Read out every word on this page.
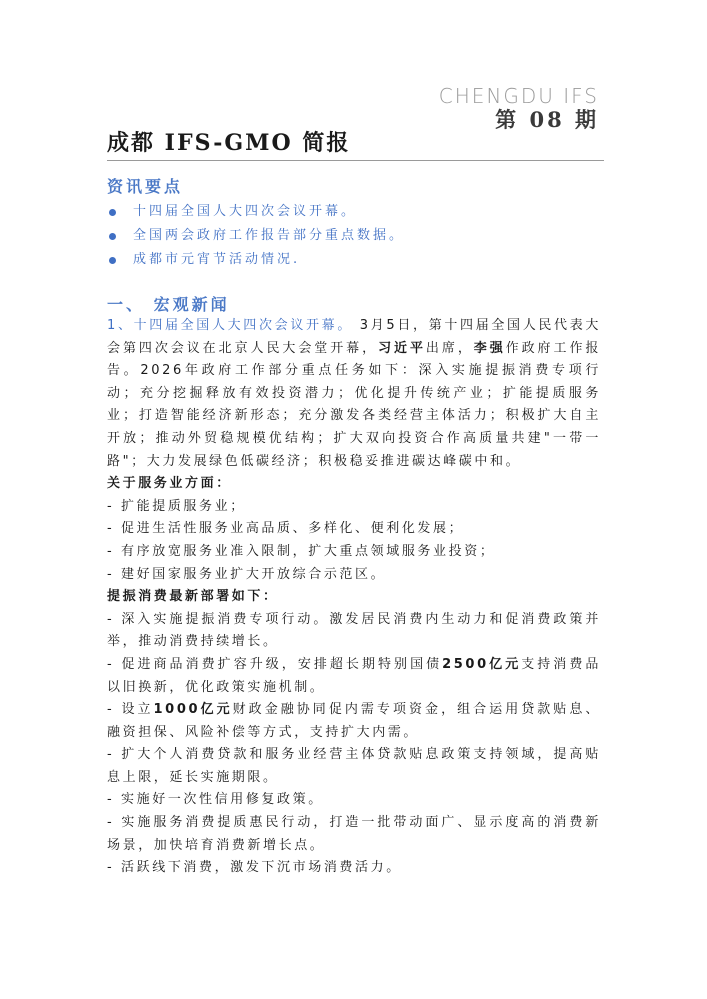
CHENGDU IFS
第 08 期
成都 IFS-GMO 简报
资讯要点
十四届全国人大四次会议开幕。
全国两会政府工作报告部分重点数据。
成都市元宵节活动情况.
一、 宏观新闻

1、十四届全国人大四次会议开幕。 3月5日，第十四届全国人民代表大会第四次会议在北京人民大会堂开幕，习近平出席，李强作政府工作报告。2026年政府工作部分重点任务如下：深入实施提振消费专项行动；充分挖掘释放有效投资潜力；优化提升传统产业；扩能提质服务业；打造智能经济新形态；充分激发各类经营主体活力；积极扩大自主开放；推动外贸稳规模优结构；扩大双向投资合作高质量共建"一带一路"；大力发展绿色低碳经济；积极稳妥推进碳达峰碳中和。

关于服务业方面：

- 扩能提质服务业；
- 促进生活性服务业高品质、多样化、便利化发展；
- 有序放宽服务业准入限制，扩大重点领域服务业投资；
- 建好国家服务业扩大开放综合示范区。

提振消费最新部署如下：

- 深入实施提振消费专项行动。激发居民消费内生动力和促消费政策并举，推动消费持续增长。
- 促进商品消费扩容升级，安排超长期特别国债2500亿元支持消费品以旧换新，优化政策实施机制。
- 设立1000亿元财政金融协同促内需专项资金，组合运用贷款贴息、融资担保、风险补偿等方式，支持扩大内需。
- 扩大个人消费贷款和服务业经营主体贷款贴息政策支持领域，提高贴息上限，延长实施期限。
- 实施好一次性信用修复政策。
- 实施服务消费提质惠民行动，打造一批带动面广、显示度高的消费新场景，加快培育消费新增长点。
- 活跃线下消费，激发下沉市场消费活力。
